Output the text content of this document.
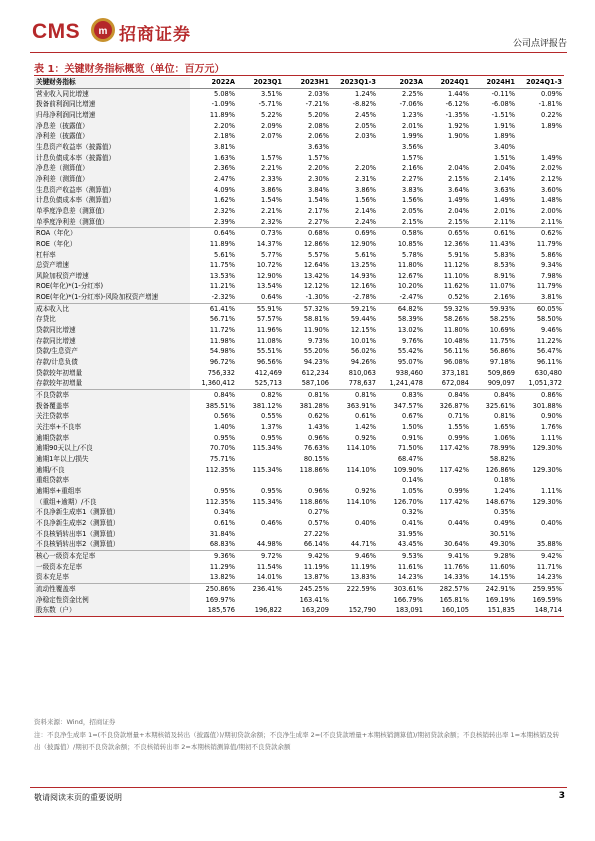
CMS m 招商证券	公司点评报告
表 1：关键财务指标概览（单位：百万元）
关键财务指标	2022A	2023Q1	2023H1	2023Q1-3	2023A	2024Q1	2024H1	2024Q1-3
营业收入同比增速	5.08%	3.51%	2.03%	1.24%	2.25%	1.44%	-0.11%	0.09%
拨备前利润同比增速	-1.09%	-5.71%	-7.21%	-8.82%	-7.06%	-6.12%	-6.08%	-1.81%
归母净利润同比增速	11.89%	5.22%	5.20%	2.45%	1.23%	-1.35%	-1.51%	0.22%
净息差（披露值）	2.20%	2.09%	2.08%	2.05%	2.01%	1.92%	1.91%	1.89%
净利差（披露值）	2.18%	2.07%	2.06%	2.03%	1.99%	1.90%	1.89%	
生息资产收益率（披露值）	3.81%		3.63%		3.56%		3.40%	
计息负债成本率（披露值）	1.63%	1.57%	1.57%		1.57%		1.51%	1.49%
净息差（测算值）	2.36%	2.21%	2.20%	2.20%	2.16%	2.04%	2.04%	2.02%
净利差（测算值）	2.47%	2.33%	2.30%	2.31%	2.27%	2.15%	2.14%	2.12%
生息资产收益率（测算值）	4.09%	3.86%	3.84%	3.86%	3.83%	3.64%	3.63%	3.60%
计息负债成本率（测算值）	1.62%	1.54%	1.54%	1.56%	1.56%	1.49%	1.49%	1.48%
单季度净息差（测算值）	2.32%	2.21%	2.17%	2.14%	2.05%	2.04%	2.01%	2.00%
单季度净利差（测算值）	2.39%	2.32%	2.27%	2.24%	2.15%	2.15%	2.11%	2.11%
ROA（年化）	0.64%	0.73%	0.68%	0.69%	0.58%	0.65%	0.61%	0.62%
ROE（年化）	11.89%	14.37%	12.86%	12.90%	10.85%	12.36%	11.43%	11.79%
杠杆率	5.61%	5.77%	5.57%	5.61%	5.78%	5.91%	5.83%	5.86%
总资产增速	11.75%	10.72%	12.64%	13.25%	11.80%	11.12%	8.53%	9.34%
风险加权资产增速	13.53%	12.90%	13.42%	14.93%	12.67%	11.10%	8.91%	7.98%
ROE(年化)*(1-分红率)	11.21%	13.54%	12.12%	12.16%	10.20%	11.62%	11.07%	11.79%
ROE(年化)*(1-分红率)-风险加权资产增速	-2.32%	0.64%	-1.30%	-2.78%	-2.47%	0.52%	2.16%	3.81%
成本收入比	61.41%	55.91%	57.32%	59.21%	64.82%	59.32%	59.93%	60.05%
存贷比	56.71%	57.57%	58.81%	59.44%	58.39%	58.26%	58.25%	58.50%
贷款同比增速	11.72%	11.96%	11.90%	12.15%	13.02%	11.80%	10.69%	9.46%
存款同比增速	11.98%	11.08%	9.73%	10.01%	9.76%	10.48%	11.75%	11.22%
贷款/生息资产	54.98%	55.51%	55.20%	56.02%	55.42%	56.11%	56.86%	56.47%
存款/计息负债	96.72%	96.56%	94.23%	94.26%	95.07%	96.08%	97.18%	96.11%
贷款较年初增量	756,332	412,469	612,234	810,063	938,460	373,181	509,869	630,480
存款较年初增量	1,360,412	525,713	587,106	778,637	1,241,478	672,084	909,097	1,051,372
不良贷款率	0.84%	0.82%	0.81%	0.81%	0.83%	0.84%	0.84%	0.86%
拨备覆盖率	385.51%	381.12%	381.28%	363.91%	347.57%	326.87%	325.61%	301.88%
关注贷款率	0.56%	0.55%	0.62%	0.61%	0.67%	0.71%	0.81%	0.90%
关注率+不良率	1.40%	1.37%	1.43%	1.42%	1.50%	1.55%	1.65%	1.76%
逾期贷款率	0.95%	0.95%	0.96%	0.92%	0.91%	0.99%	1.06%	1.11%
逾期90天以上/不良	70.70%	115.34%	76.63%	114.10%	71.50%	117.42%	78.99%	129.30%
逾期1年以上/损失	75.71%		80.15%		68.47%		58.82%	
逾期/不良	112.35%	115.34%	118.86%	114.10%	109.90%	117.42%	126.86%	129.30%
重组贷款率					0.14%		0.18%	
逾期率+重组率	0.95%	0.95%	0.96%	0.92%	1.05%	0.99%	1.24%	1.11%
（重组+逾期）/不良	112.35%	115.34%	118.86%	114.10%	126.70%	117.42%	148.67%	129.30%
不良净新生成率1（测算值）	0.34%		0.27%		0.32%		0.35%	
不良净新生成率2（测算值）	0.61%	0.46%	0.57%	0.40%	0.41%	0.44%	0.49%	0.40%
不良核销转出率1（测算值）	31.84%		27.22%		31.95%		30.51%	
不良核销转出率2（测算值）	68.83%	44.98%	66.14%	44.71%	43.45%	30.64%	49.30%	35.88%
核心一级资本充足率	9.36%	9.72%	9.42%	9.46%	9.53%	9.41%	9.28%	9.42%
一级资本充足率	11.29%	11.54%	11.19%	11.19%	11.61%	11.76%	11.60%	11.71%
资本充足率	13.82%	14.01%	13.87%	13.83%	14.23%	14.33%	14.15%	14.23%
流动性覆盖率	250.86%	236.41%	245.25%	222.59%	303.61%	282.57%	242.91%	259.95%
净稳定性资金比例	169.97%		163.41%		166.79%	165.81%	169.19%	169.59%
股东数（户）	185,576	196,822	163,209	152,790	183,091	160,105	151,835	148,714
资料来源：Wind，招商证券
注：不良净生成率 1=(不良贷款增量+本期核销及转出（披露值）)/期初贷款余额；不良净生成率 2=(不良贷款增量+本期核销测算值)/期初贷款余额；不良核销转出率 1=本期核销及转出（披露值）/期初不良贷款余额；不良核销转出率 2=本期核销测算值/期初不良贷款余额
敬请阅读末页的重要说明	3
